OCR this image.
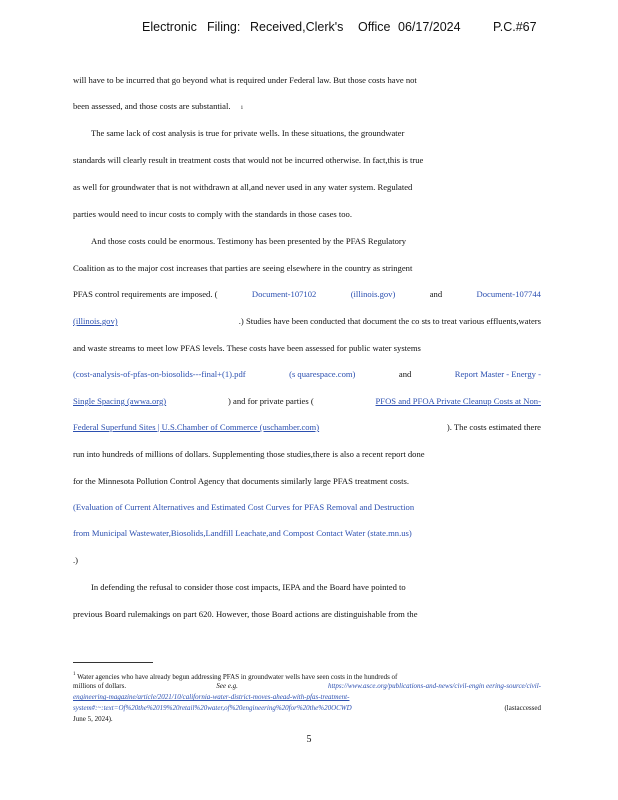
Electronic Filing: Received,Clerk's Office 06/17/2024	P.C.#67
will have to be incurred that go beyond what is required under Federal law. But those costs have not
been assessed, and those costs are substantial. 1
The same lack of cost analysis is true for private wells. In these situations, the groundwater
standards will clearly result in treatment costs that would not be incurred otherwise. In fact,this is true
as well for groundwater that is not withdrawn at all,and never used in any water system. Regulated
parties would need to incur costs to comply with the standards in those cases too.
And those costs could be enormous. Testimony has been presented by the PFAS Regulatory
Coalition as to the major cost increases that parties are seeing elsewhere in the country as stringent
PFAS control requirements are imposed. (	Document-107102	(illinois.gov)	and	Document-107744
(illinois.gov)	.) Studies have been conducted that document the co sts to treat various effluents,waters
and waste streams to meet low PFAS levels. These costs have been assessed for public water systems
(cost-analysis-of-pfas-on-biosolids---final+(1).pdf	(s quarespace.com)	and	Report Master - Energy -
Single Spacing (awwa.org)	) and for private parties (	PFOS and PFOA Private Cleanup Costs at Non-
Federal Superfund Sites | U.S.Chamber of Commerce (uschamber.com)	). The costs estimated there
run into hundreds of millions of dollars. Supplementing those studies,there is also a recent report done
for the Minnesota Pollution Control Agency that documents similarly large PFAS treatment costs.
(Evaluation of Current Alternatives and Estimated Cost Curves for PFAS Removal and Destruction
from Municipal Wastewater,Biosolids,Landfill Leachate,and Compost Contact Water (state.mn.us)
.)
In defending the refusal to consider those cost impacts, IEPA and the Board have pointed to
previous Board rulemakings on part 620. However, those Board actions are distinguishable from the
$^1$ Water agencies who have already begun addressing PFAS in groundwater wells have seen costs in the hundreds of
millions of dollars.	See e.g.	https://www.asce.org/publications-and-news/civil-engin eering-source/civil-
engineering-magazine/article/2021/10/california-water-district-moves-ahead-with-pfas-treatment-
system#:~:text=Of%20the%2019%20retail%20water,of%20engineering%20for%20the%20OCWD	(lastaccessed
June 5, 2024).
5
